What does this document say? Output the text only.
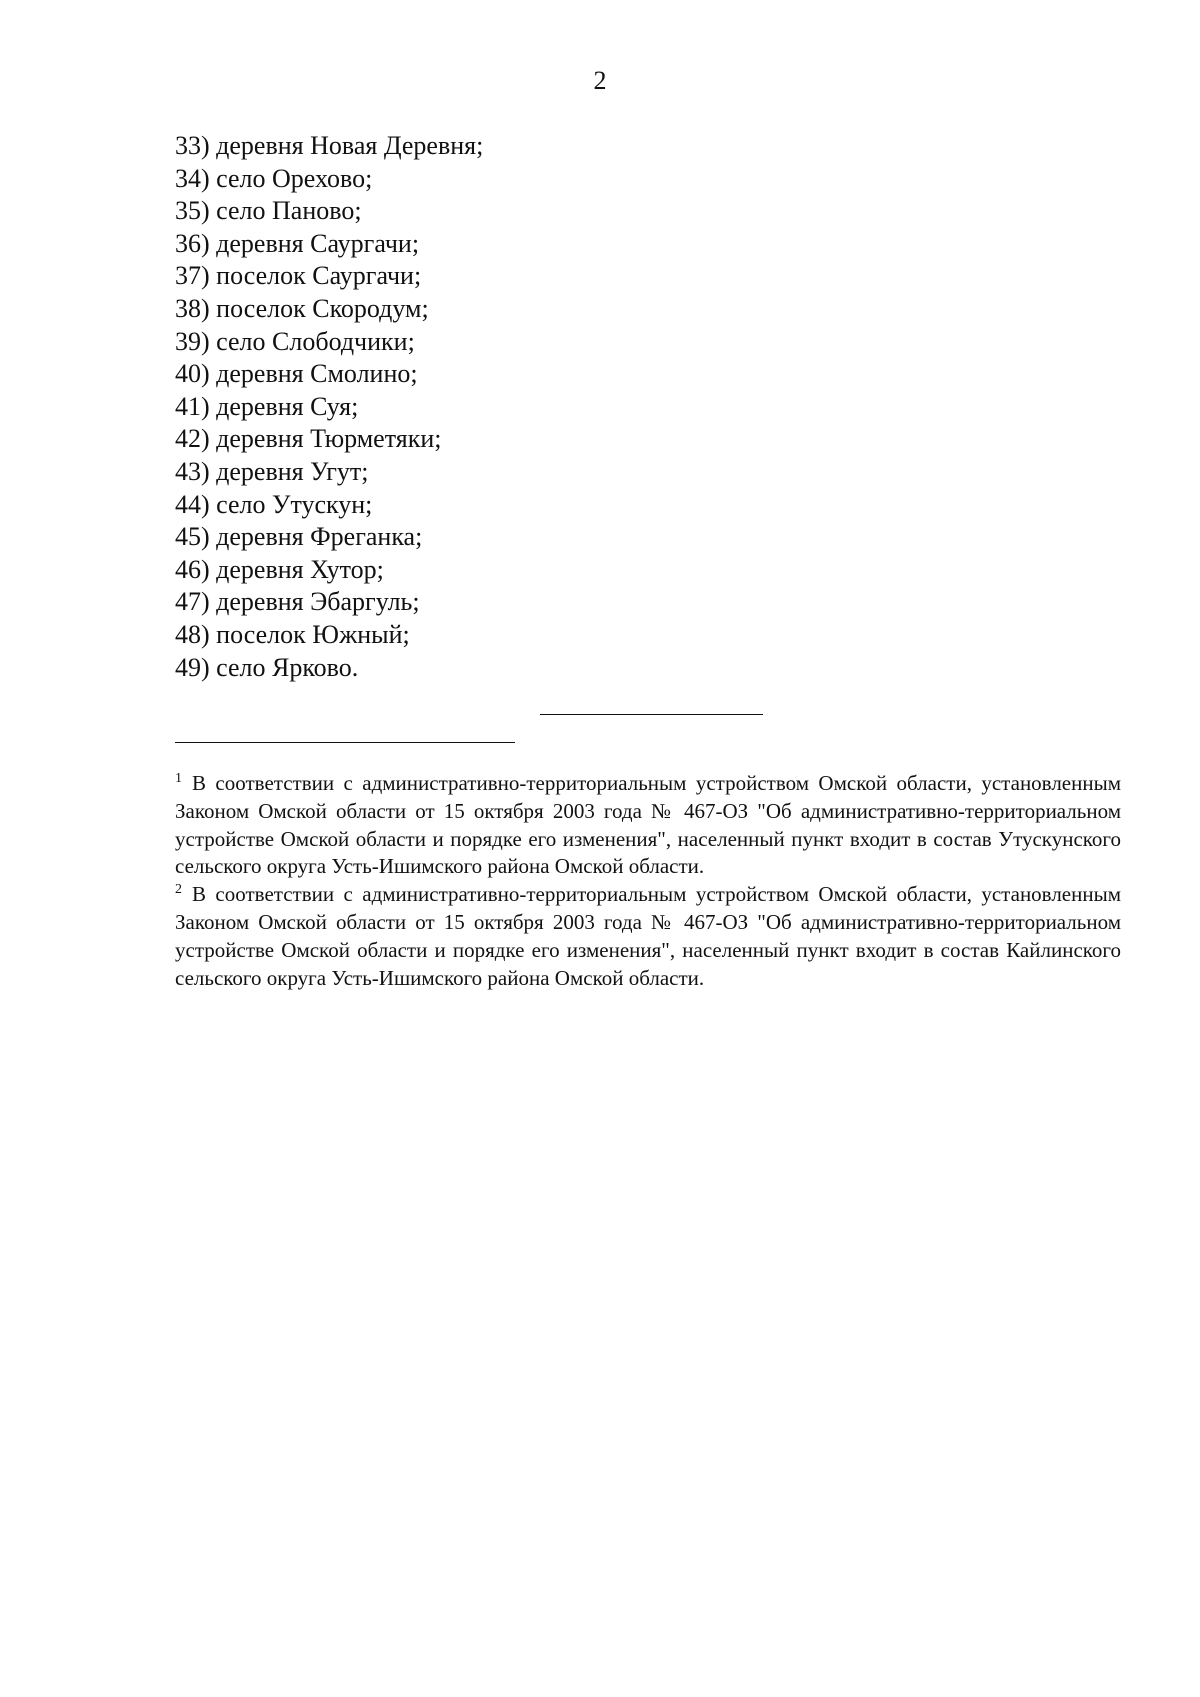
2
33) деревня Новая Деревня;
34) село Орехово;
35) село Паново;
36) деревня Саургачи;
37) поселок Саургачи;
38) поселок Скородум;
39) село Слободчики;
40) деревня Смолино;
41) деревня Суя;
42) деревня Тюрметяки;
43) деревня Угут;
44) село Утускун;
45) деревня Фреганка;
46) деревня Хутор;
47) деревня Эбаргуль;
48) поселок Южный;
49) село Ярково.

$^1$ В соответствии с административно-территориальным устройством Омской области, установленным Законом Омской области от 15 октября 2003 года № 467-ОЗ "Об административно-территориальном устройстве Омской области и порядке его изменения", населенный пункт входит в состав Утускунского сельского округа Усть-Ишимского района Омской области.

$^2$ В соответствии с административно-территориальным устройством Омской области, установленным Законом Омской области от 15 октября 2003 года № 467-ОЗ "Об административно-территориальном устройстве Омской области и порядке его изменения", населенный пункт входит в состав Кайлинского сельского округа Усть-Ишимского района Омской области.
